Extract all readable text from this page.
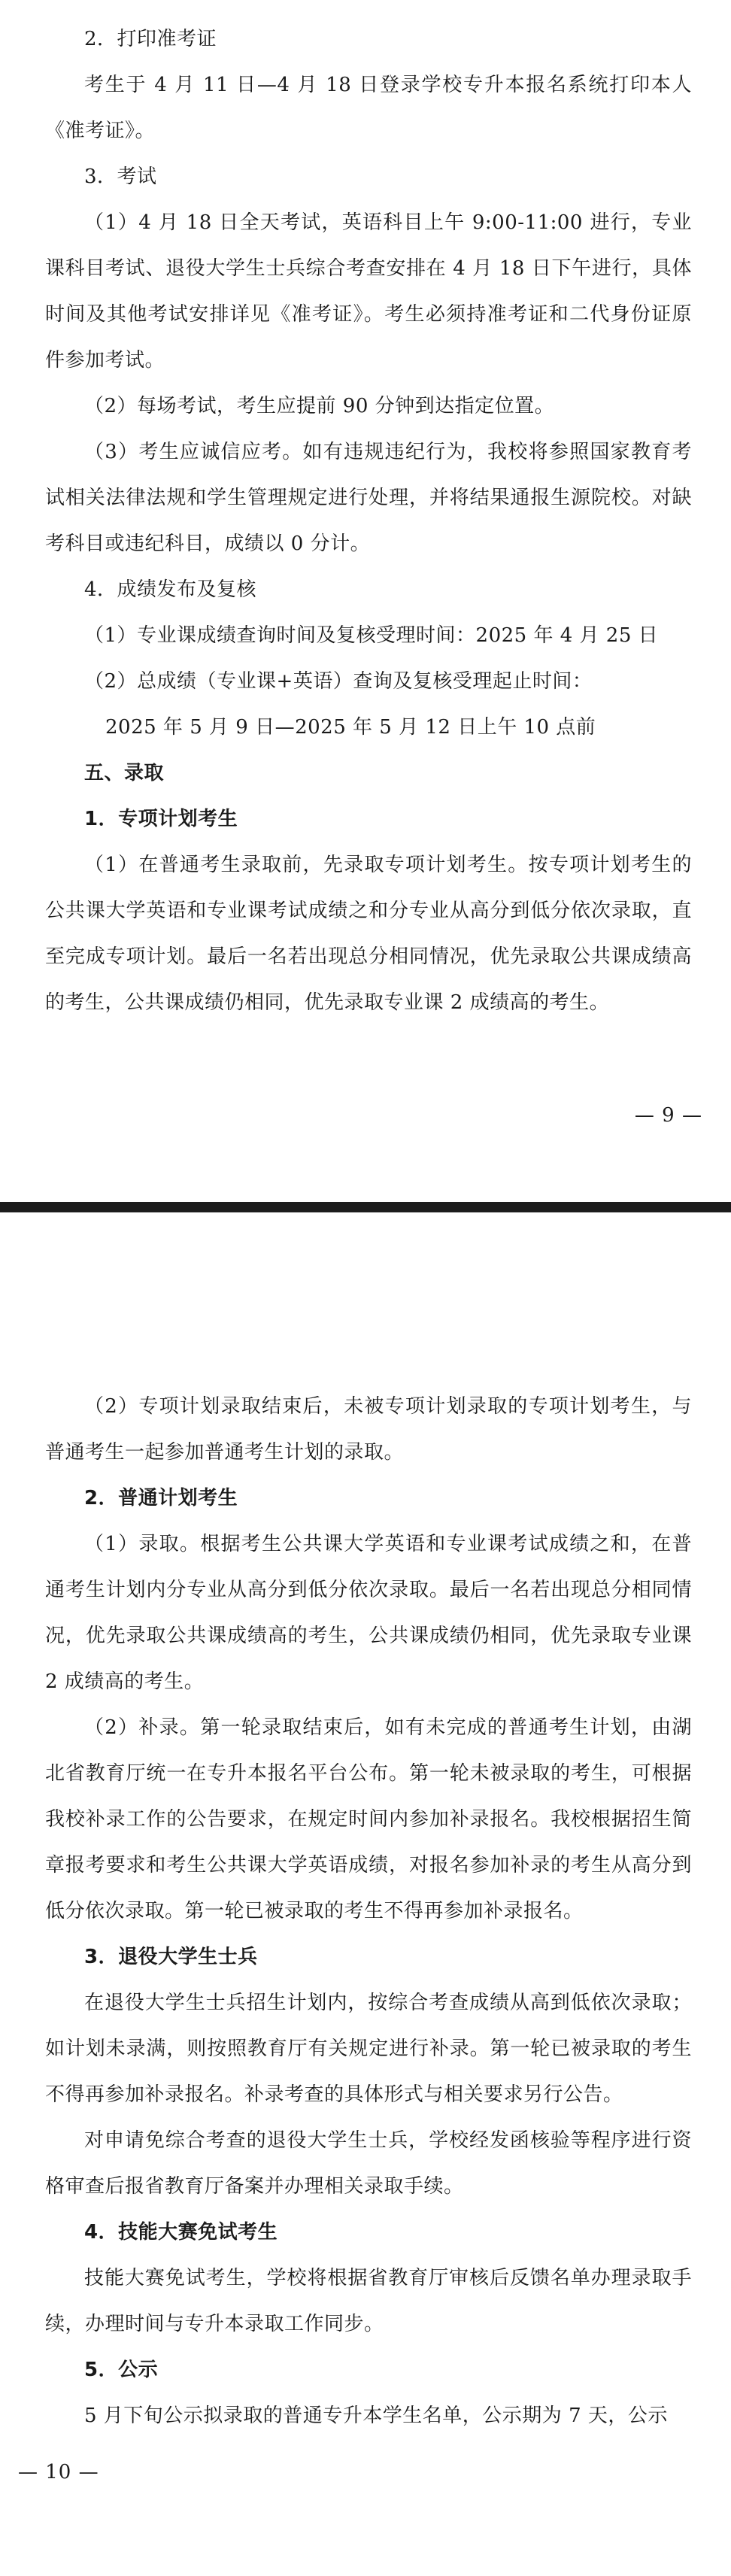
2．打印准考证

考生于 4 月 11 日—4 月 18 日登录学校专升本报名系统打印本人《准考证》。

3．考试

（1）4 月 18 日全天考试，英语科目上午 9:00-11:00 进行，专业课科目考试、退役大学生士兵综合考查安排在 4 月 18 日下午进行，具体时间及其他考试安排详见《准考证》。考生必须持准考证和二代身份证原件参加考试。

（2）每场考试，考生应提前 90 分钟到达指定位置。

（3）考生应诚信应考。如有违规违纪行为，我校将参照国家教育考试相关法律法规和学生管理规定进行处理，并将结果通报生源院校。对缺考科目或违纪科目，成绩以 0 分计。

4．成绩发布及复核

（1）专业课成绩查询时间及复核受理时间：2025 年 4 月 25 日

（2）总成绩（专业课+英语）查询及复核受理起止时间：

2025 年 5 月 9 日—2025 年 5 月 12 日上午 10 点前

五、录取

1．专项计划考生

（1）在普通考生录取前，先录取专项计划考生。按专项计划考生的公共课大学英语和专业课考试成绩之和分专业从高分到低分依次录取，直至完成专项计划。最后一名若出现总分相同情况，优先录取公共课成绩高的考生，公共课成绩仍相同，优先录取专业课 2 成绩高的考生。

— 9 —

（2）专项计划录取结束后，未被专项计划录取的专项计划考生，与普通考生一起参加普通考生计划的录取。

2．普通计划考生

（1）录取。根据考生公共课大学英语和专业课考试成绩之和，在普通考生计划内分专业从高分到低分依次录取。最后一名若出现总分相同情况，优先录取公共课成绩高的考生，公共课成绩仍相同，优先录取专业课 2 成绩高的考生。

（2）补录。第一轮录取结束后，如有未完成的普通考生计划，由湖北省教育厅统一在专升本报名平台公布。第一轮未被录取的考生，可根据我校补录工作的公告要求，在规定时间内参加补录报名。我校根据招生简章报考要求和考生公共课大学英语成绩，对报名参加补录的考生从高分到低分依次录取。第一轮已被录取的考生不得再参加补录报名。

3．退役大学生士兵

在退役大学生士兵招生计划内，按综合考查成绩从高到低依次录取；如计划未录满，则按照教育厅有关规定进行补录。第一轮已被录取的考生不得再参加补录报名。补录考查的具体形式与相关要求另行公告。

对申请免综合考查的退役大学生士兵，学校经发函核验等程序进行资格审查后报省教育厅备案并办理相关录取手续。

4．技能大赛免试考生

技能大赛免试考生，学校将根据省教育厅审核后反馈名单办理录取手续，办理时间与专升本录取工作同步。

5．公示

5 月下旬公示拟录取的普通专升本学生名单，公示期为 7 天，公示

— 10 —
